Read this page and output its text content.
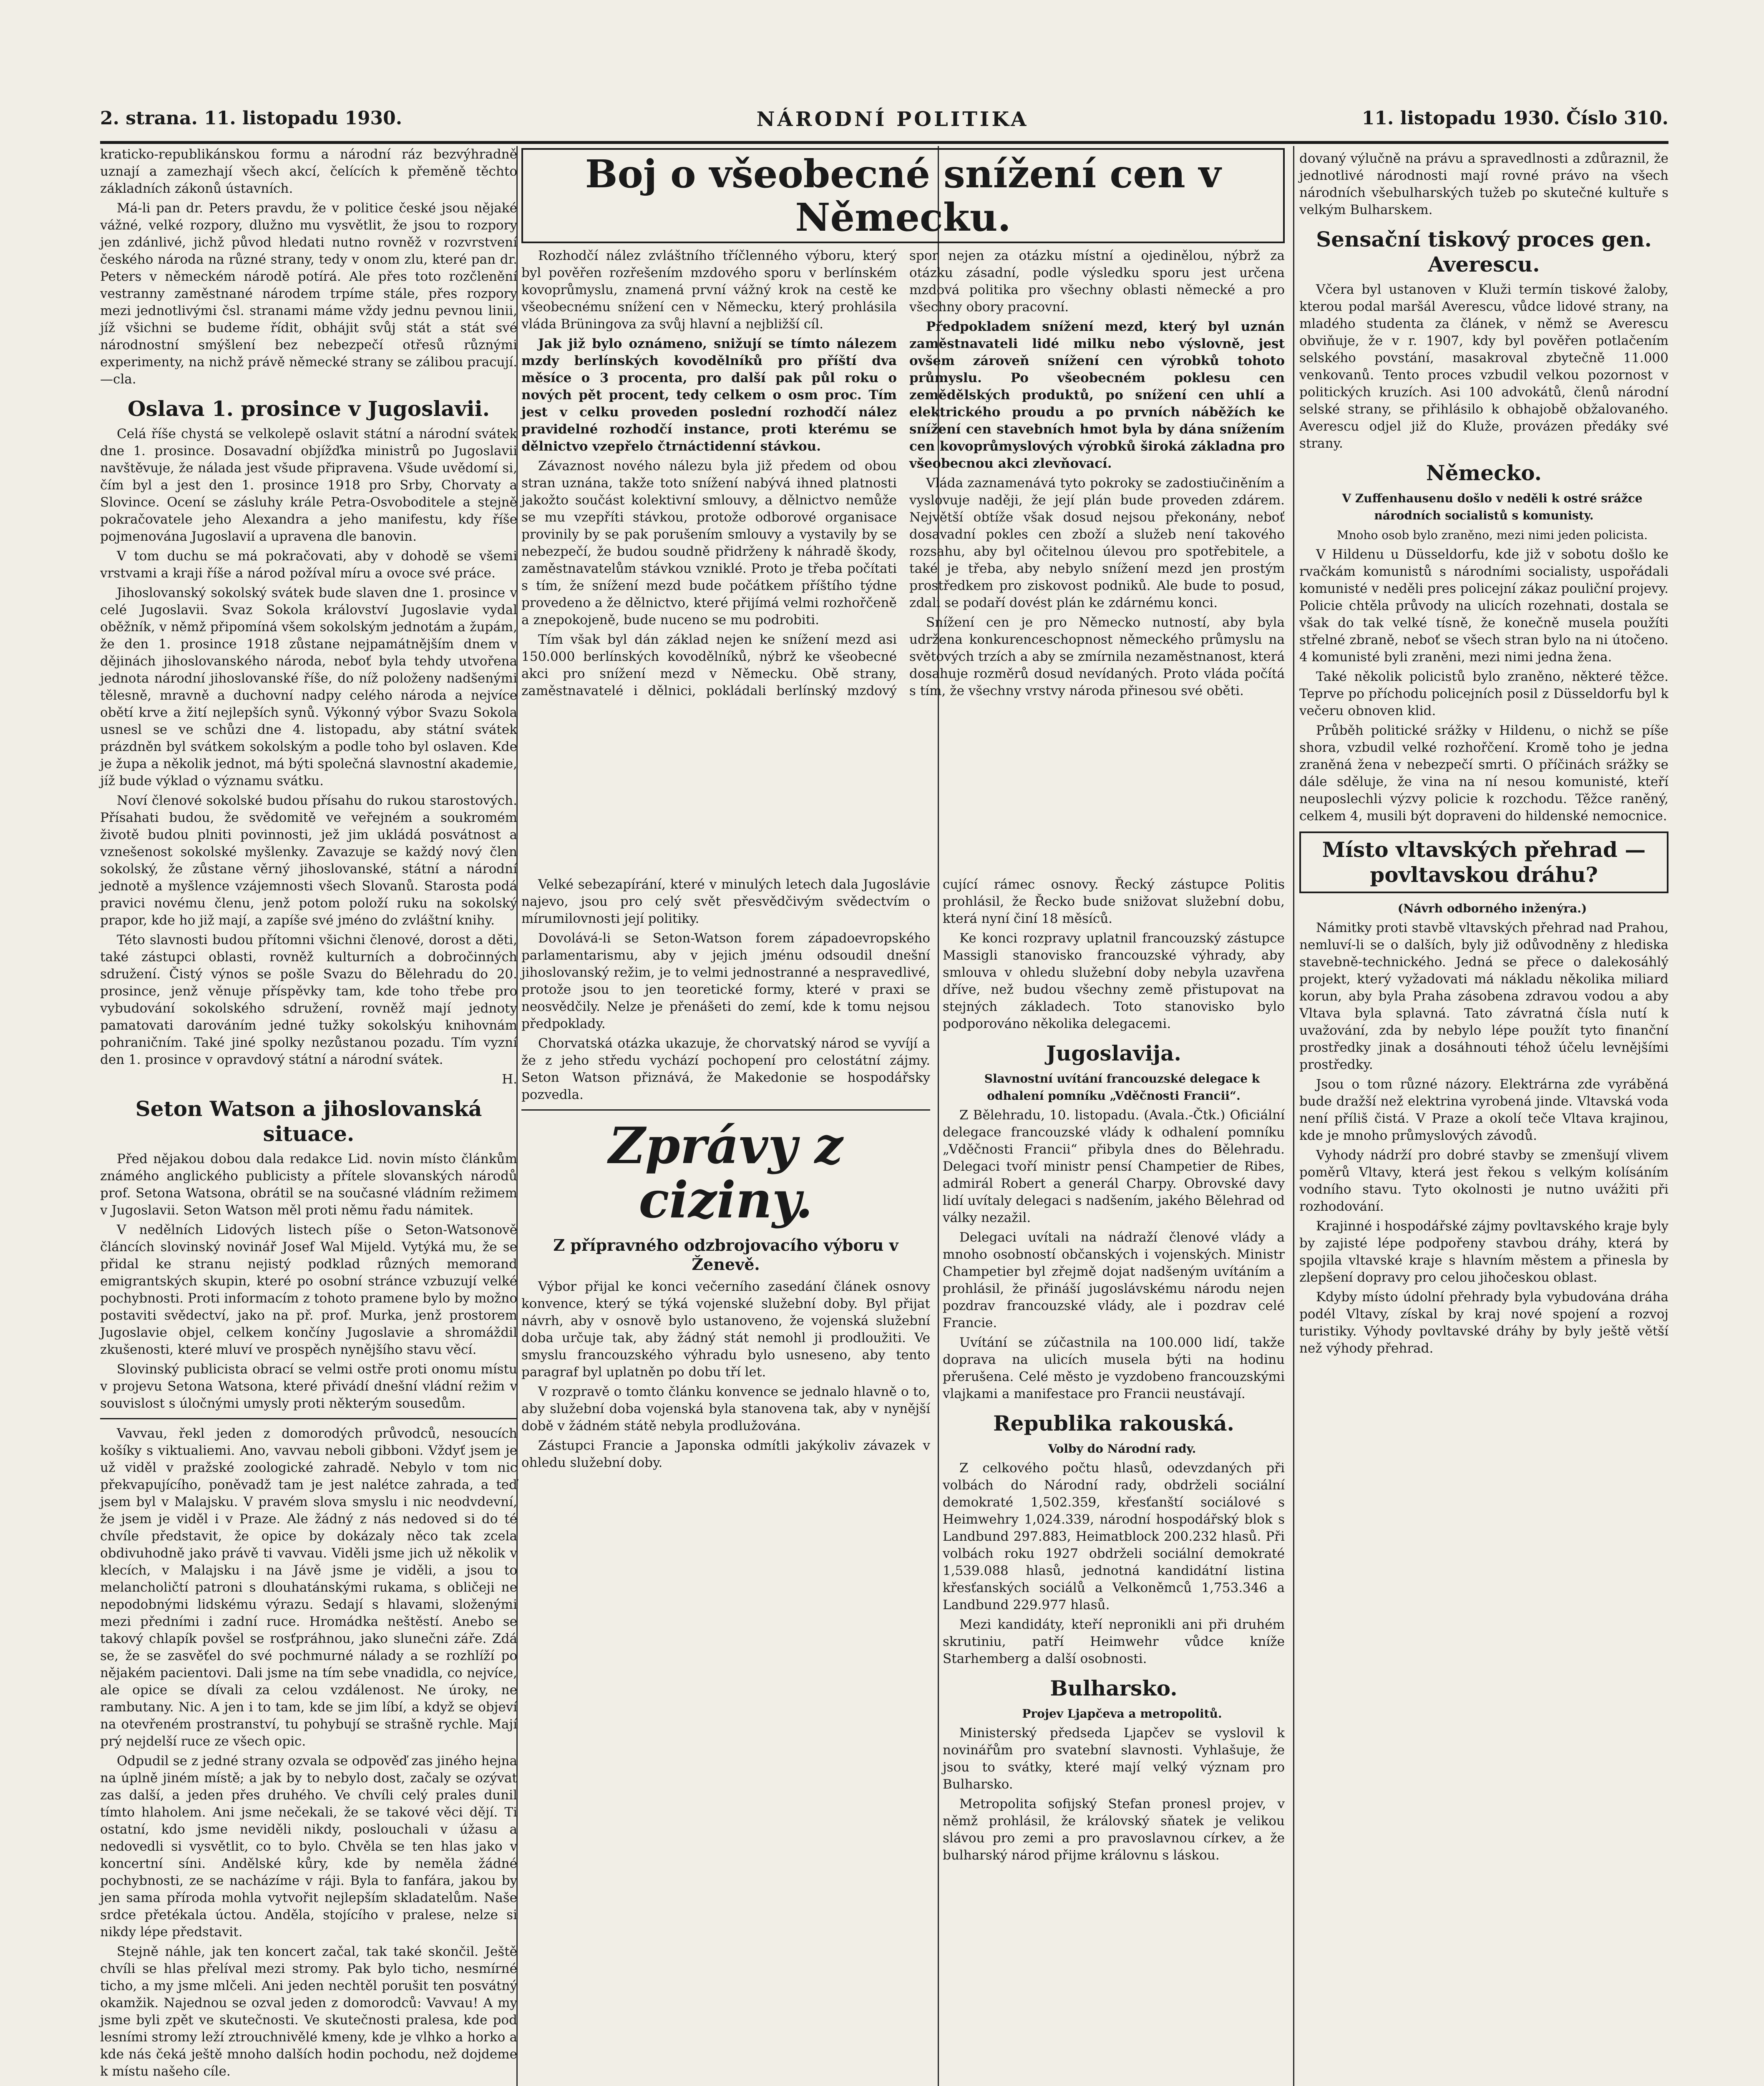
2. strana. 11. listopadu 1930.	NÁRODNÍ POLITIKA	11. listopadu 1930. Číslo 310.

kraticko-republikánskou formu a národní ráz bezvýhradně uznají a zamezhají všech akcí, čelících k přeměně těchto základních zákonů ústavních.

Má-li pan dr. Peters pravdu, že v politice české jsou nějaké vážné, velké rozpory, dlužno mu vysvětlit, že jsou to rozpory jen zdánlivé, jichž původ hledati nutno rovněž v rozvrstvení českého národa na různé strany, tedy v onom zlu, které pan dr. Peters v německém národě potírá. Ale přes toto rozčlenění vestranny zaměstnané národem trpíme stále, přes rozpory mezi jednotlivými čsl. stranami máme vždy jednu pevnou linii, jíž všichni se budeme řídit, obhájit svůj stát a stát své národnostní smýšlení bez nebezpečí otřesů různými experimenty, na nichž právě německé strany se zálibou pracují. —cla.

Oslava 1. prosince v Jugoslavii.

Celá říše chystá se velkolepě oslavit státní a národní svátek dne 1. prosince. Dosavadní objížďka ministrů po Jugoslavii navštěvuje, že nálada jest všude připravena. Všude uvědomí si, čím byl a jest den 1. prosince 1918 pro Srby, Chorvaty a Slovince. Ocení se zásluhy krále Petra-Osvoboditele a stejně pokračovatele jeho Alexandra a jeho manifestu, kdy říše pojmenována Jugoslavií a upravena dle banovin.

V tom duchu se má pokračovati, aby v dohodě se všemi vrstvami a kraji říše a národ požíval míru a ovoce své práce.

Jihoslovanský sokolský svátek bude slaven dne 1. prosince v celé Jugoslavii. Svaz Sokola království Jugoslavie vydal oběžník, v němž připomíná všem sokolským jednotám a župám, že den 1. prosince 1918 zůstane nejpamátnějším dnem v dějinách jihoslovanského národa, neboť byla tehdy utvořena jednota národní jihoslovanské říše, do níž položeny nadšenými tělesně, mravně a duchovní nadpy celého národa a nejvíce obětí krve a žití nejlepších synů. Výkonný výbor Svazu Sokola usnesl se ve schůzi dne 4. listopadu, aby státní svátek prázdněn byl svátkem sokolským a podle toho byl oslaven. Kde je župa a několik jednot, má býti společná slavnostní akademie, jíž bude výklad o významu svátku.

Noví členové sokolské budou přísahu do rukou starostových. Přísahati budou, že svědomitě ve veřejném a soukromém životě budou plniti povinnosti, jež jim ukládá posvátnost a vznešenost sokolské myšlenky. Zavazuje se každý nový člen sokolský, že zůstane věrný jihoslovanské, státní a národní jednotě a myšlence vzájemnosti všech Slovanů. Starosta podá pravici novému členu, jenž potom položí ruku na sokolský prapor, kde ho již mají, a zapíše své jméno do zvláštní knihy.

Této slavnosti budou přítomni všichni členové, dorost a děti, také zástupci oblasti, rovněž kulturních a dobročinných sdružení. Čistý výnos se pošle Svazu do Bělehradu do 20. prosince, jenž věnuje příspěvky tam, kde toho třebe pro vybudování sokolského sdružení, rovněž mají jednoty pamatovati darováním jedné tužky sokolskýu knihovnám pohraničním. Také jiné spolky nezůstanou pozadu. Tím vyzní den 1. prosince v opravdový státní a národní svátek.

H.

Seton Watson a jihoslovanská situace.

Před nějakou dobou dala redakce Lid. novin místo článkům známého anglického publicisty a přítele slovanských národů prof. Setona Watsona, obrátil se na současné vládním režimem v Jugoslavii. Seton Watson měl proti němu řadu námitek.

V nedělních Lidových listech píše o Seton-Watsonově článcích slovinský novinář Josef Wal Mijeld. Vytýká mu, že se přidal ke stranu nejistý podklad různých memorand emigrantských skupin, které po osobní stránce vzbuzují velké pochybnosti. Proti informacím z tohoto pramene bylo by možno postaviti svědectví, jako na př. prof. Murka, jenž prostorem Jugoslavie objel, celkem končíny Jugoslavie a shromáždil zkušenosti, které mluví ve prospěch nynějšího stavu věcí.

Slovinský publicista obrací se velmi ostře proti onomu místu v projevu Setona Watsona, které přivádí dnešní vládní režim v souvislost s úločnými umysly proti některým sousedům.

Vavvau, řekl jeden z domorodých průvodců, nesoucích košíky s viktualiemi. Ano, vavvau neboli gibboni. Vždyť jsem je už viděl v pražské zoologické zahradě. Nebylo v tom nic překvapujícího, poněvadž tam je jest nalétce zahrada, a teď jsem byl v Malajsku. V pravém slova smyslu i nic neodvdevní, že jsem je viděl i v Praze. Ale žádný z nás nedoved si do té chvíle představit, že opice by dokázaly něco tak zcela obdivuhodně jako právě ti vavvau. Viděli jsme jich už několik v klecích, v Malajsku i na Jávě jsme je viděli, a jsou to melancholičtí patroni s dlouhatánskými rukama, s obličeji ne nepodobnými lidskému výrazu. Sedají s hlavami, složenými mezi předními i zadní ruce. Hromádka neštěstí. Anebo se takový chlapík povšel se rosťpráhnou, jako slunečni záře. Zdá se, že se zasvěťel do své pochmurné nálady a se rozhlíží po nějakém pacientovi. Dali jsme na tím sebe vnadidla, co nejvíce, ale opice se dívali za celou vzdálenost. Ne úroky, ne rambutany. Nic. A jen i to tam, kde se jim líbí, a když se objeví na otevřeném prostranství, tu pohybují se strašně rychle. Mají prý nejdelší ruce ze všech opic.

Odpudil se z jedné strany ozvala se odpověď zas jiného hejna na úplně jiném místě; a jak by to nebylo dost, začaly se ozývat zas další, a jeden přes druhého. Ve chvíli celý prales dunil tímto hlaholem. Ani jsme nečekali, že se takové věci dějí. Ti ostatní, kdo jsme neviděli nikdy, poslouchali v úžasu a nedovedli si vysvětlit, co to bylo. Chvěla se ten hlas jako v koncertní síni. Andělské kůry, kde by neměla žádné pochybnosti, ze se nacházíme v ráji. Byla to fanfára, jakou by jen sama příroda mohla vytvořit nejlepším skladatelům. Naše srdce přetékala úctou. Anděla, stojícího v pralese, nelze si nikdy lépe představit.

Stejně náhle, jak ten koncert začal, tak také skončil. Ještě chvíli se hlas přelíval mezi stromy. Pak bylo ticho, nesmírné ticho, a my jsme mlčeli. Ani jeden nechtěl porušit ten posvátný okamžik. Najednou se ozval jeden z domorodců: Vavvau! A my jsme byli zpět ve skutečnosti. Ve skutečnosti pralesa, kde pod lesními stromy leží ztrouchnivělé kmeny, kde je vlhko a horko a kde nás čeká ještě mnoho dalších hodin pochodu, než dojdeme k místu našeho cíle.

Boj o všeobecné snížení cen v Německu.

Rozhodčí nález zvláštního tříčlenného výboru, který byl pověřen rozřešením mzdového sporu v berlínském kovoprůmyslu, znamená první vážný krok na cestě ke všeobecnému snížení cen v Německu, který prohlásila vláda Brüningova za svůj hlavní a nejbližší cíl.

Jak již bylo oznámeno, snižují se tímto nálezem mzdy berlínských kovodělníků pro příští dva měsíce o 3 procenta, pro další pak půl roku o nových pět procent, tedy celkem o osm proc. Tím jest v celku proveden poslední rozhodčí nález pravidelné rozhodčí instance, proti kterému se dělnictvo vzepřelo čtrnáctidenní stávkou.

Závaznost nového nálezu byla již předem od obou stran uznána, takže toto snížení nabývá ihned platnosti jakožto součást kolektivní smlouvy, a dělnictvo nemůže se mu vzepříti stávkou, protože odborové organisace provinily by se pak porušením smlouvy a vystavily by se nebezpečí, že budou soudně přidrženy k náhradě škody, zaměstnavatelům stávkou vzniklé. Proto je třeba počítati s tím, že snížení mezd bude počátkem příštího týdne provedeno a že dělnictvo, které přijímá velmi rozhořčeně a znepokojeně, bude nuceno se mu podrobiti.

Tím však byl dán základ nejen ke snížení mezd asi 150.000 berlínských kovodělníků, nýbrž ke všeobecné akci pro snížení mezd v Německu. Obě strany, zaměstnavatelé i dělnici, pokládali berlínský mzdový spor nejen za otázku místní a ojedinělou, nýbrž za otázku zásadní, podle výsledku sporu jest určena mzdová politika pro všechny oblasti německé a pro všechny obory pracovní.

Předpokladem snížení mezd, který byl uznán zaměstnavateli lidé milku nebo výslovně, jest ovšem zároveň snížení cen výrobků tohoto průmyslu. Po všeobecném poklesu cen zemědělských produktů, po snížení cen uhlí a elektrického proudu a po prvních náběžích ke snížení cen stavebních hmot byla by dána snížením cen kovoprůmyslových výrobků široká základna pro všeobecnou akci zlevňovací.

Vláda zaznamenává tyto pokroky se zadostiučiněním a vyslovuje naději, že její plán bude proveden zdárem. Největší obtíže však dosud nejsou překonány, neboť dosavadní pokles cen zboží a služeb není takového rozsahu, aby byl očitelnou úlevou pro spotřebitele, a také je třeba, aby nebylo snížení mezd jen prostým prostředkem pro ziskovost podniků. Ale bude to posud, zdali se podaří dovést plán ke zdárnému konci.

Snížení cen je pro Německo nutností, aby byla udržena konkurenceschopnost německého průmyslu na světových trzích a aby se zmírnila nezaměstnanost, která dosahuje rozměrů dosud nevídaných. Proto vláda počítá s tím, že všechny vrstvy národa přinesou své oběti.

Velké sebezapírání, které v minulých letech dala Jugoslávie najevo, jsou pro celý svět přesvědčivým svědectvím o mírumilovnosti její politiky.

Dovolává-li se Seton-Watson forem západoevropského parlamentarismu, aby v jejich jménu odsoudil dnešní jihoslovanský režim, je to velmi jednostranné a nespravedlivé, protože jsou to jen teoretické formy, které v praxi se neosvědčily. Nelze je přenášeti do zemí, kde k tomu nejsou předpoklady.

Chorvatská otázka ukazuje, že chorvatský národ se vyvíjí a že z jeho středu vychází pochopení pro celostátní zájmy. Seton Watson přiznává, že Makedonie se hospodářsky pozvedla.

Zprávy z ciziny.
Z přípravného odzbrojovacího výboru v Ženevě.

Výbor přijal ke konci večerního zasedání článek osnovy konvence, který se týká vojenské služební doby. Byl přijat návrh, aby v osnově bylo ustanoveno, že vojenská služební doba určuje tak, aby žádný stát nemohl ji prodloužiti. Ve smyslu francouzského výhradu bylo usneseno, aby tento paragraf byl uplatněn po dobu tří let.

V rozpravě o tomto článku konvence se jednalo hlavně o to, aby služební doba vojenská byla stanovena tak, aby v nynější době v žádném státě nebyla prodlužována.

Zástupci Francie a Japonska odmítli jakýkoliv závazek v ohledu služební doby.

cující rámec osnovy. Řecký zástupce Politis prohlásil, že Řecko bude snižovat služební dobu, která nyní činí 18 měsíců.

Ke konci rozpravy uplatnil francouzský zástupce Massigli stanovisko francouzské výhrady, aby smlouva v ohledu služební doby nebyla uzavřena dříve, než budou všechny země přistupovat na stejných základech. Toto stanovisko bylo podporováno několika delegacemi.

Jugoslavija.

Slavnostní uvítání francouzské delegace k odhalení pomníku „Vděčnosti Francii“.

Z Bělehradu, 10. listopadu. (Avala.-Čtk.) Oficiální delegace francouzské vlády k odhalení pomníku „Vděčnosti Francii“ přibyla dnes do Bělehradu. Delegaci tvoří ministr pensí Champetier de Ribes, admirál Robert a generál Charpy. Obrovské davy lidí uvítaly delegaci s nadšením, jakého Bělehrad od války nezažil.

Delegaci uvítali na nádraží členové vlády a mnoho osobností občanských i vojenských. Ministr Champetier byl zřejmě dojat nadšeným uvítáním a prohlásil, že přináší jugoslávskému národu nejen pozdrav francouzské vlády, ale i pozdrav celé Francie.

Uvítání se zúčastnila na 100.000 lidí, takže doprava na ulicích musela býti na hodinu přerušena. Celé město je vyzdobeno francouzskými vlajkami a manifestace pro Francii neustávají.

Republika rakouská.

Volby do Národní rady.

Z celkového počtu hlasů, odevzdaných při volbách do Národní rady, obdrželi sociální demokraté 1,502.359, křesťanští sociálové s Heimwehry 1,024.339, národní hospodářský blok s Landbund 297.883, Heimatblock 200.232 hlasů. Při volbách roku 1927 obdrželi sociální demokraté 1,539.088 hlasů, jednotná kandidátní listina křesťanských sociálů a Velkoněmců 1,753.346 a Landbund 229.977 hlasů.

Mezi kandidáty, kteří nepronikli ani při druhém skrutiniu, patří Heimwehr vůdce kníže Starhemberg a další osobnosti.

Bulharsko.

Projev Ljapčeva a metropolitů.

Ministerský předseda Ljapčev se vyslovil k novinářům pro svatební slavnosti. Vyhlašuje, že jsou to svátky, které mají velký význam pro Bulharsko.

Metropolita sofijský Stefan pronesl projev, v němž prohlásil, že královský sňatek je velikou slávou pro zemi a pro pravoslavnou církev, a že bulharský národ přijme královnu s láskou.

dovaný výlučně na právu a spravedlnosti a zdůraznil, že jednotlivé národnosti mají rovné právo na všech národních všebulharských tužeb po skutečné kultuře s velkým Bulharskem.

Sensační tiskový proces gen. Averescu.

Včera byl ustanoven v Kluži termín tiskové žaloby, kterou podal maršál Averescu, vůdce lidové strany, na mladého studenta za článek, v němž se Averescu obviňuje, že v r. 1907, kdy byl pověřen potlačením selského povstání, masakroval zbytečně 11.000 venkovanů. Tento proces vzbudil velkou pozornost v politických kruzích. Asi 100 advokátů, členů národní selské strany, se přihlásilo k obhajobě obžalovaného. Averescu odjel již do Kluže, provázen předáky své strany.

Německo.

V Zuffenhausenu došlo v neděli k ostré srážce národních socialistů s komunisty.

Mnoho osob bylo zraněno, mezi nimi jeden policista.

V Hildenu u Düsseldorfu, kde již v sobotu došlo ke rvačkám komunistů s národními socialisty, uspořádali komunisté v neděli pres policejní zákaz pouliční projevy. Policie chtěla průvody na ulicích rozehnati, dostala se však do tak velké tísně, že konečně musela použíti střelné zbraně, neboť se všech stran bylo na ni útočeno. 4 komunisté byli zraněni, mezi nimi jedna žena.

Také několik policistů bylo zraněno, některé těžce. Teprve po příchodu policejních posil z Düsseldorfu byl k večeru obnoven klid.

Průběh politické srážky v Hildenu, o nichž se píše shora, vzbudil velké rozhořčení. Kromě toho je jedna zraněná žena v nebezpečí smrti. O příčinách srážky se dále sděluje, že vina na ní nesou komunisté, kteří neuposlechli výzvy policie k rozchodu. Těžce raněný, celkem 4, musili být dopraveni do hildenské nemocnice.

Místo vltavských přehrad — povltavskou dráhu?

(Návrh odborného inženýra.)

Námitky proti stavbě vltavských přehrad nad Prahou, nemluví-li se o dalších, byly již odůvodněny z hlediska stavebně-technického. Jedná se přece o dalekosáhlý projekt, který vyžadovati má nákladu několika miliard korun, aby byla Praha zásobena zdravou vodou a aby Vltava byla splavná. Tato závratná čísla nutí k uvažování, zda by nebylo lépe použít tyto finanční prostředky jinak a dosáhnouti téhož účelu levnějšími prostředky.

Jsou o tom různé názory. Elektrárna zde vyráběná bude dražší než elektrina vyrobená jinde. Vltavská voda není příliš čistá. V Praze a okolí teče Vltava krajinou, kde je mnoho průmyslových závodů.

Vyhody nádrží pro dobré stavby se zmenšují vlivem poměrů Vltavy, která jest řekou s velkým kolísáním vodního stavu. Tyto okolnosti je nutno uvážiti při rozhodování.

Krajinné i hospodářské zájmy povltavského kraje byly by zajisté lépe podpořeny stavbou dráhy, která by spojila vltavské kraje s hlavním městem a přinesla by zlepšení dopravy pro celou jihočeskou oblast.

Kdyby místo údolní přehrady byla vybudována dráha podél Vltavy, získal by kraj nové spojení a rozvoj turistiky. Výhody povltavské dráhy by byly ještě větší než výhody přehrad.
